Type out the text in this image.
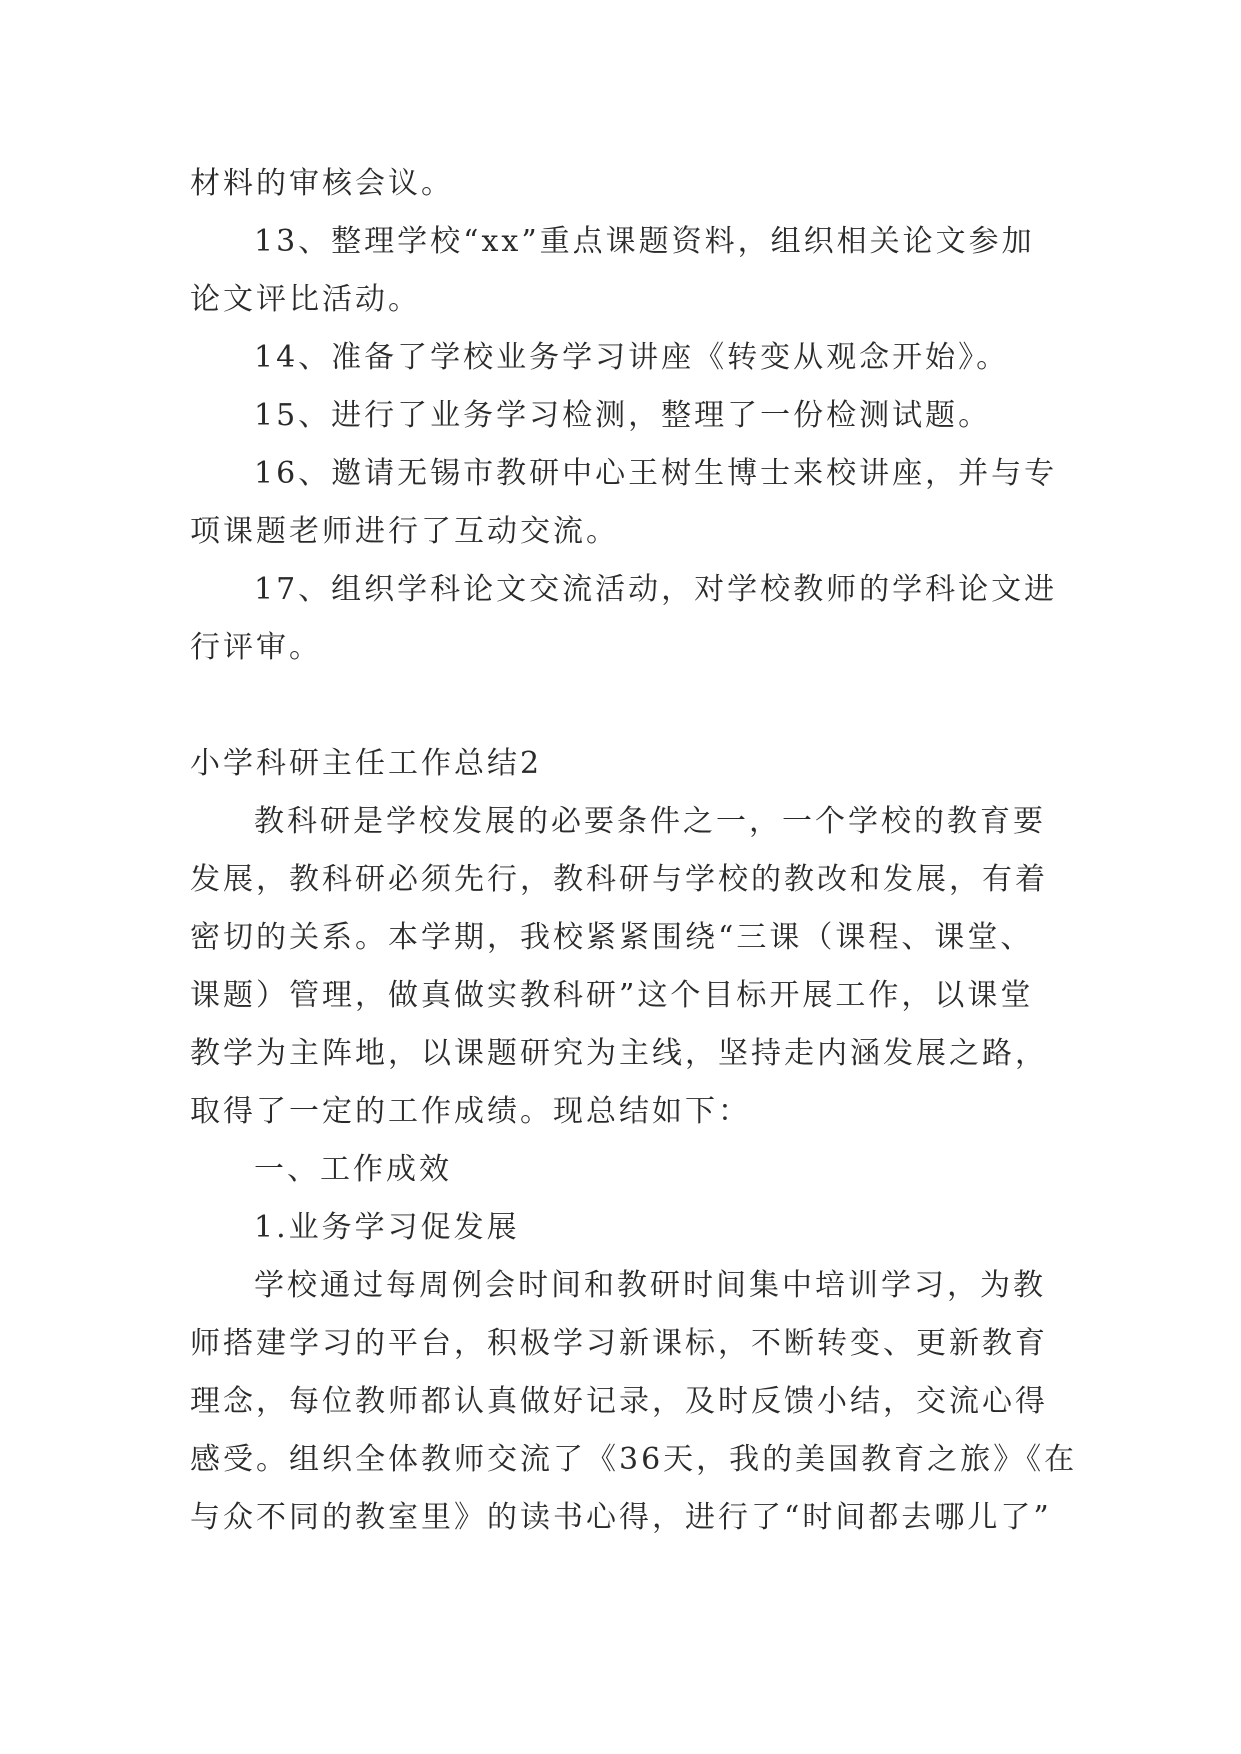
材料的审核会议。
13、整理学校“xx”重点课题资料，组织相关论文参加
论文评比活动。
14、准备了学校业务学习讲座《转变从观念开始》。
15、进行了业务学习检测，整理了一份检测试题。
16、邀请无锡市教研中心王树生博士来校讲座，并与专
项课题老师进行了互动交流。
17、组织学科论文交流活动，对学校教师的学科论文进
行评审。
小学科研主任工作总结2
教科研是学校发展的必要条件之一，一个学校的教育要
发展，教科研必须先行，教科研与学校的教改和发展，有着
密切的关系。本学期，我校紧紧围绕“三课（课程、课堂、
课题）管理，做真做实教科研”这个目标开展工作，以课堂
教学为主阵地，以课题研究为主线，坚持走内涵发展之路，
取得了一定的工作成绩。现总结如下：
一、工作成效
1.业务学习促发展
学校通过每周例会时间和教研时间集中培训学习，为教
师搭建学习的平台，积极学习新课标，不断转变、更新教育
理念，每位教师都认真做好记录，及时反馈小结，交流心得
感受。组织全体教师交流了《36天，我的美国教育之旅》《在
与众不同的教室里》的读书心得，进行了“时间都去哪儿了”
